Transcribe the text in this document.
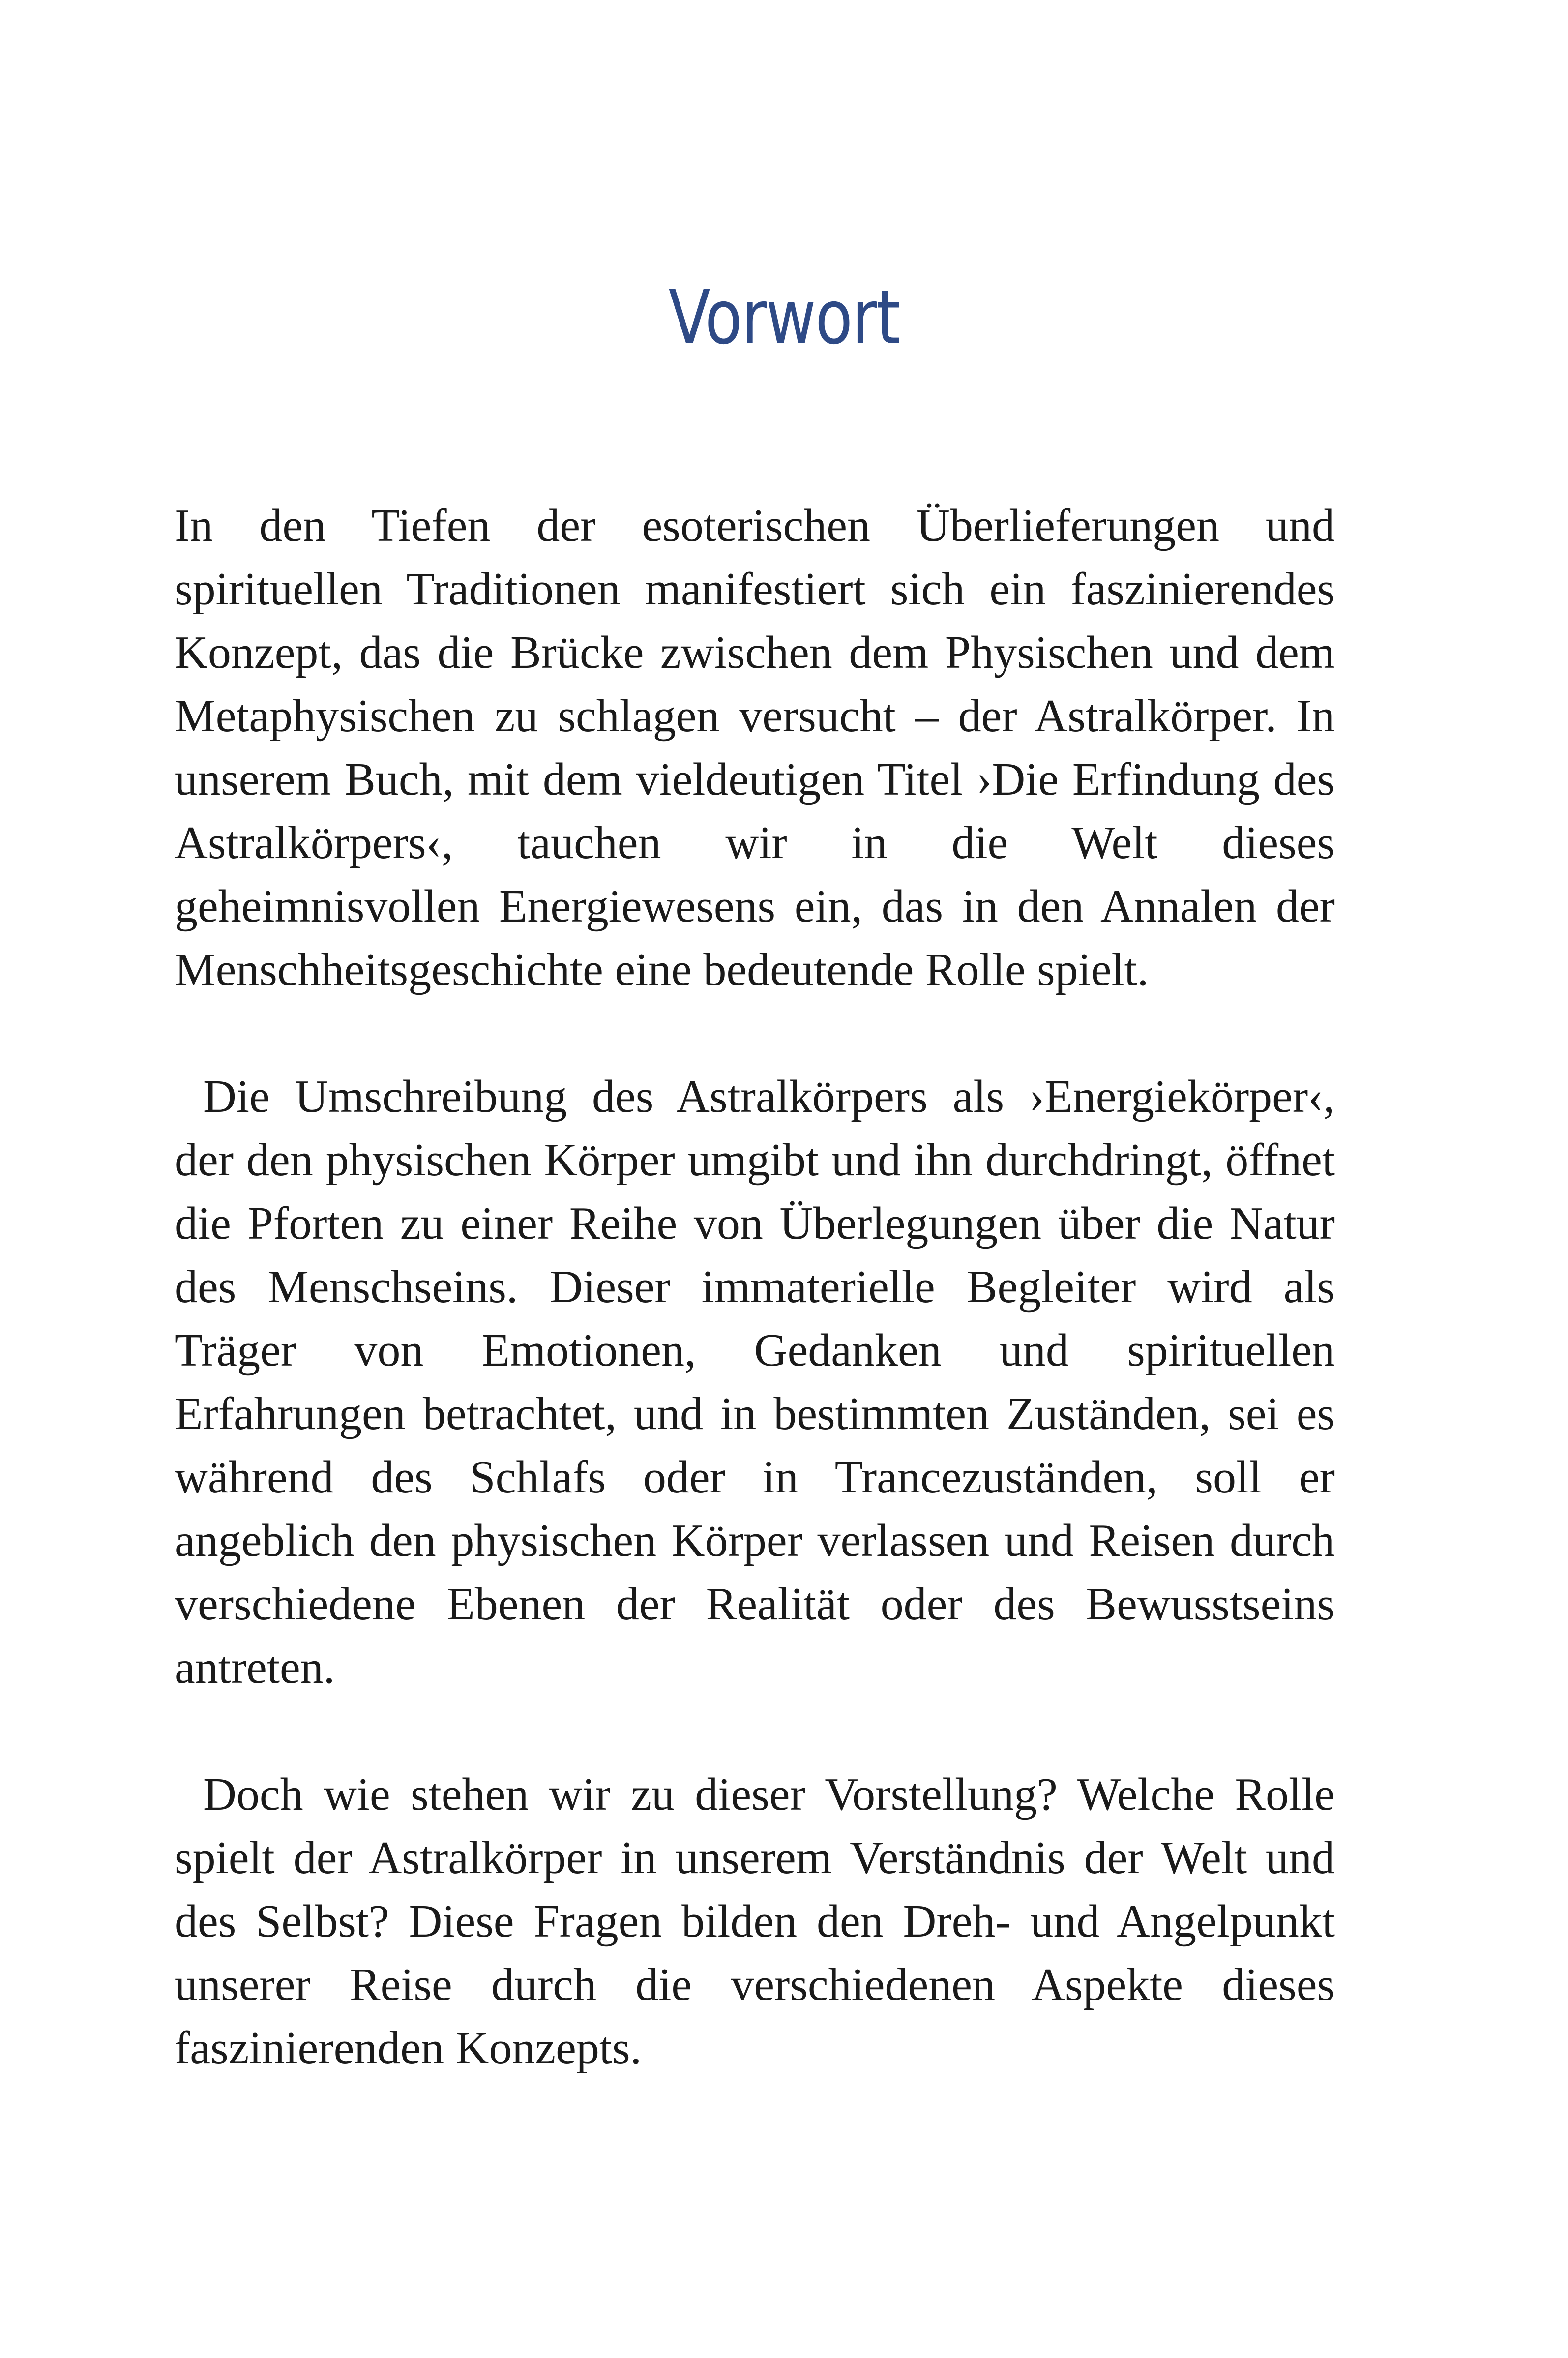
Vorwort

In den Tiefen der esoterischen Überlieferungen und spirituellen Traditionen manifestiert sich ein faszinierendes Konzept, das die Brücke zwischen dem Physischen und dem Metaphysischen zu schlagen versucht – der Astralkörper. In unserem Buch, mit dem vieldeutigen Titel ›Die Erfindung des Astralkörpers‹, tauchen wir in die Welt dieses geheimnisvollen Energiewesens ein, das in den Annalen der Menschheitsgeschichte eine bedeutende Rolle spielt.

Die Umschreibung des Astralkörpers als ›Energiekörper‹, der den physischen Körper umgibt und ihn durchdringt, öffnet die Pforten zu einer Reihe von Überlegungen über die Natur des Menschseins. Dieser immaterielle Begleiter wird als Träger von Emotionen, Gedanken und spirituellen Erfahrungen betrachtet, und in bestimmten Zuständen, sei es während des Schlafs oder in Trancezuständen, soll er angeblich den physischen Körper verlassen und Reisen durch verschiedene Ebenen der Realität oder des Bewusstseins antreten.

Doch wie stehen wir zu dieser Vorstellung? Welche Rolle spielt der Astralkörper in unserem Verständnis der Welt und des Selbst? Diese Fragen bilden den Dreh- und Angelpunkt unserer Reise durch die verschiedenen Aspekte dieses faszinierenden Konzepts.
